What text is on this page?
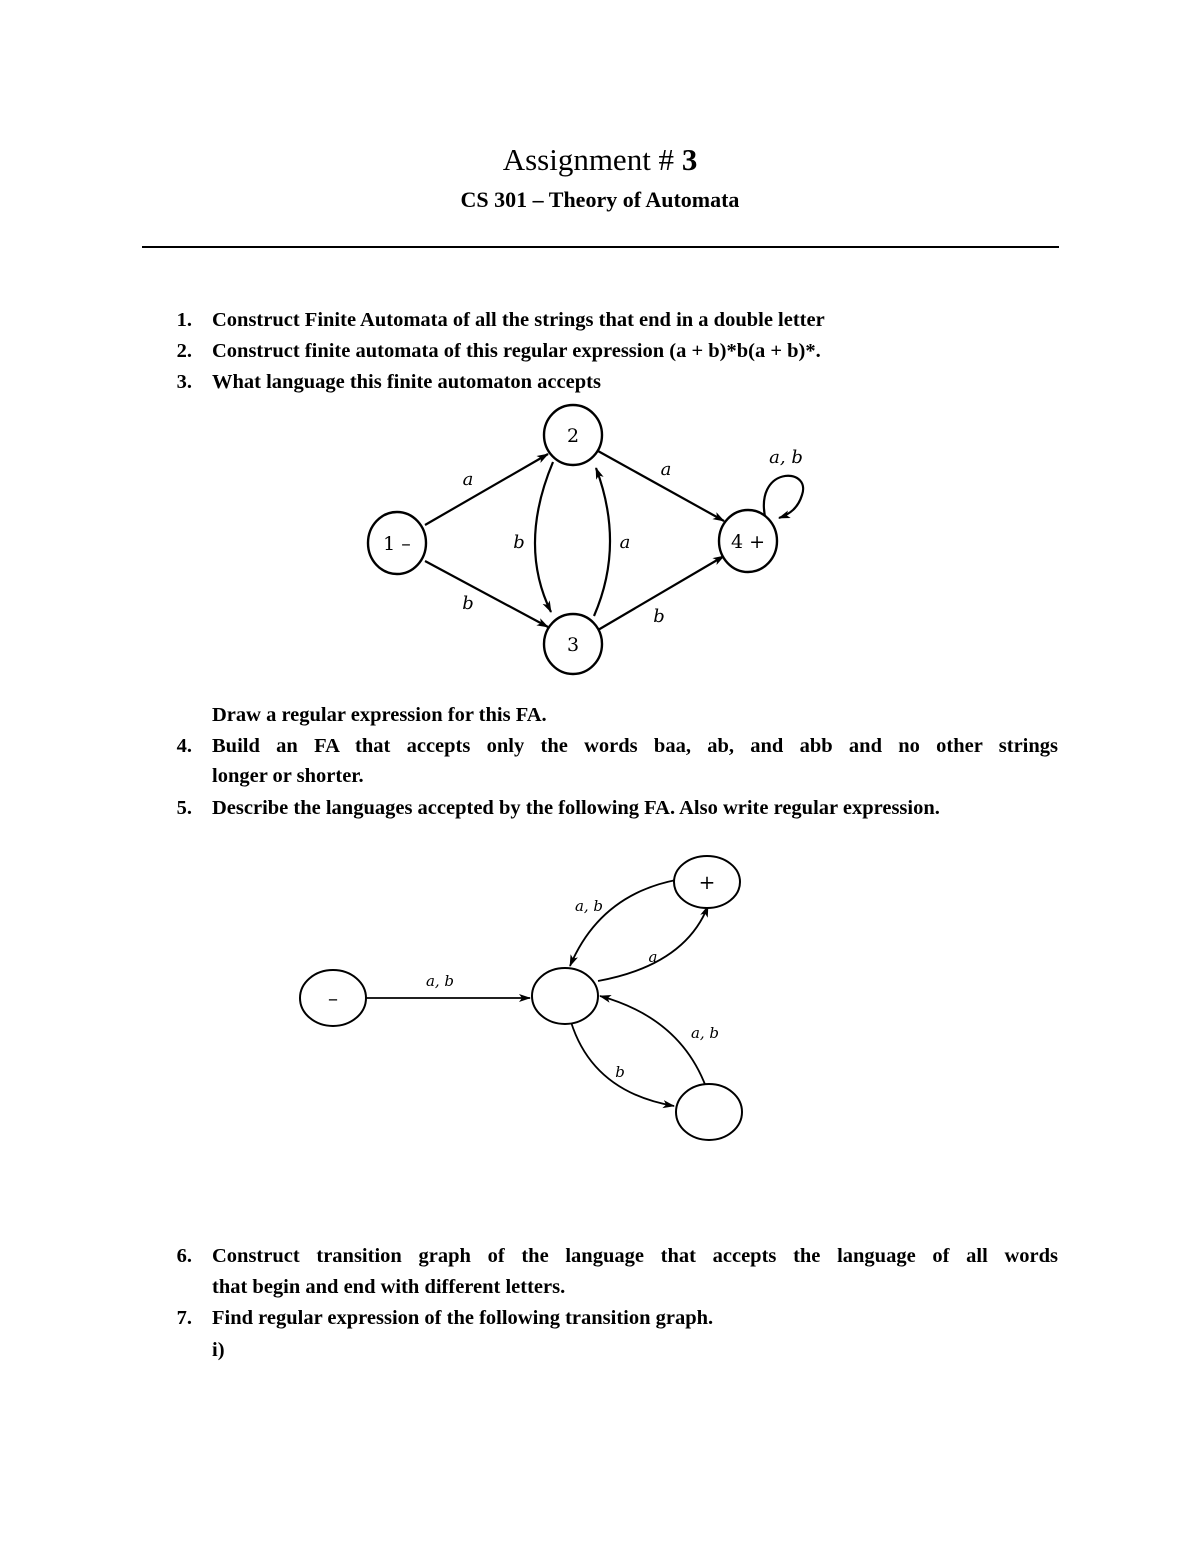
Assignment # 3
CS 301 – Theory of Automata
1. Construct Finite Automata of all the strings that end in a double letter
2. Construct finite automata of this regular expression (a + b)*b(a + b)*.
3. What language this finite automaton accepts
1 –
2
3
4 +
a
b
b	a
a
b
a, b
Draw a regular expression for this FA.
4. Build an FA that accepts only the words baa, ab, and abb and no other strings
longer or shorter.
5. Describe the languages accepted by the following FA. Also write regular expression.
–
+
a, b
a, b
a
a, b
b
6. Construct transition graph of the language that accepts the language of all words
that begin and end with different letters.
7. Find regular expression of the following transition graph.
i)
